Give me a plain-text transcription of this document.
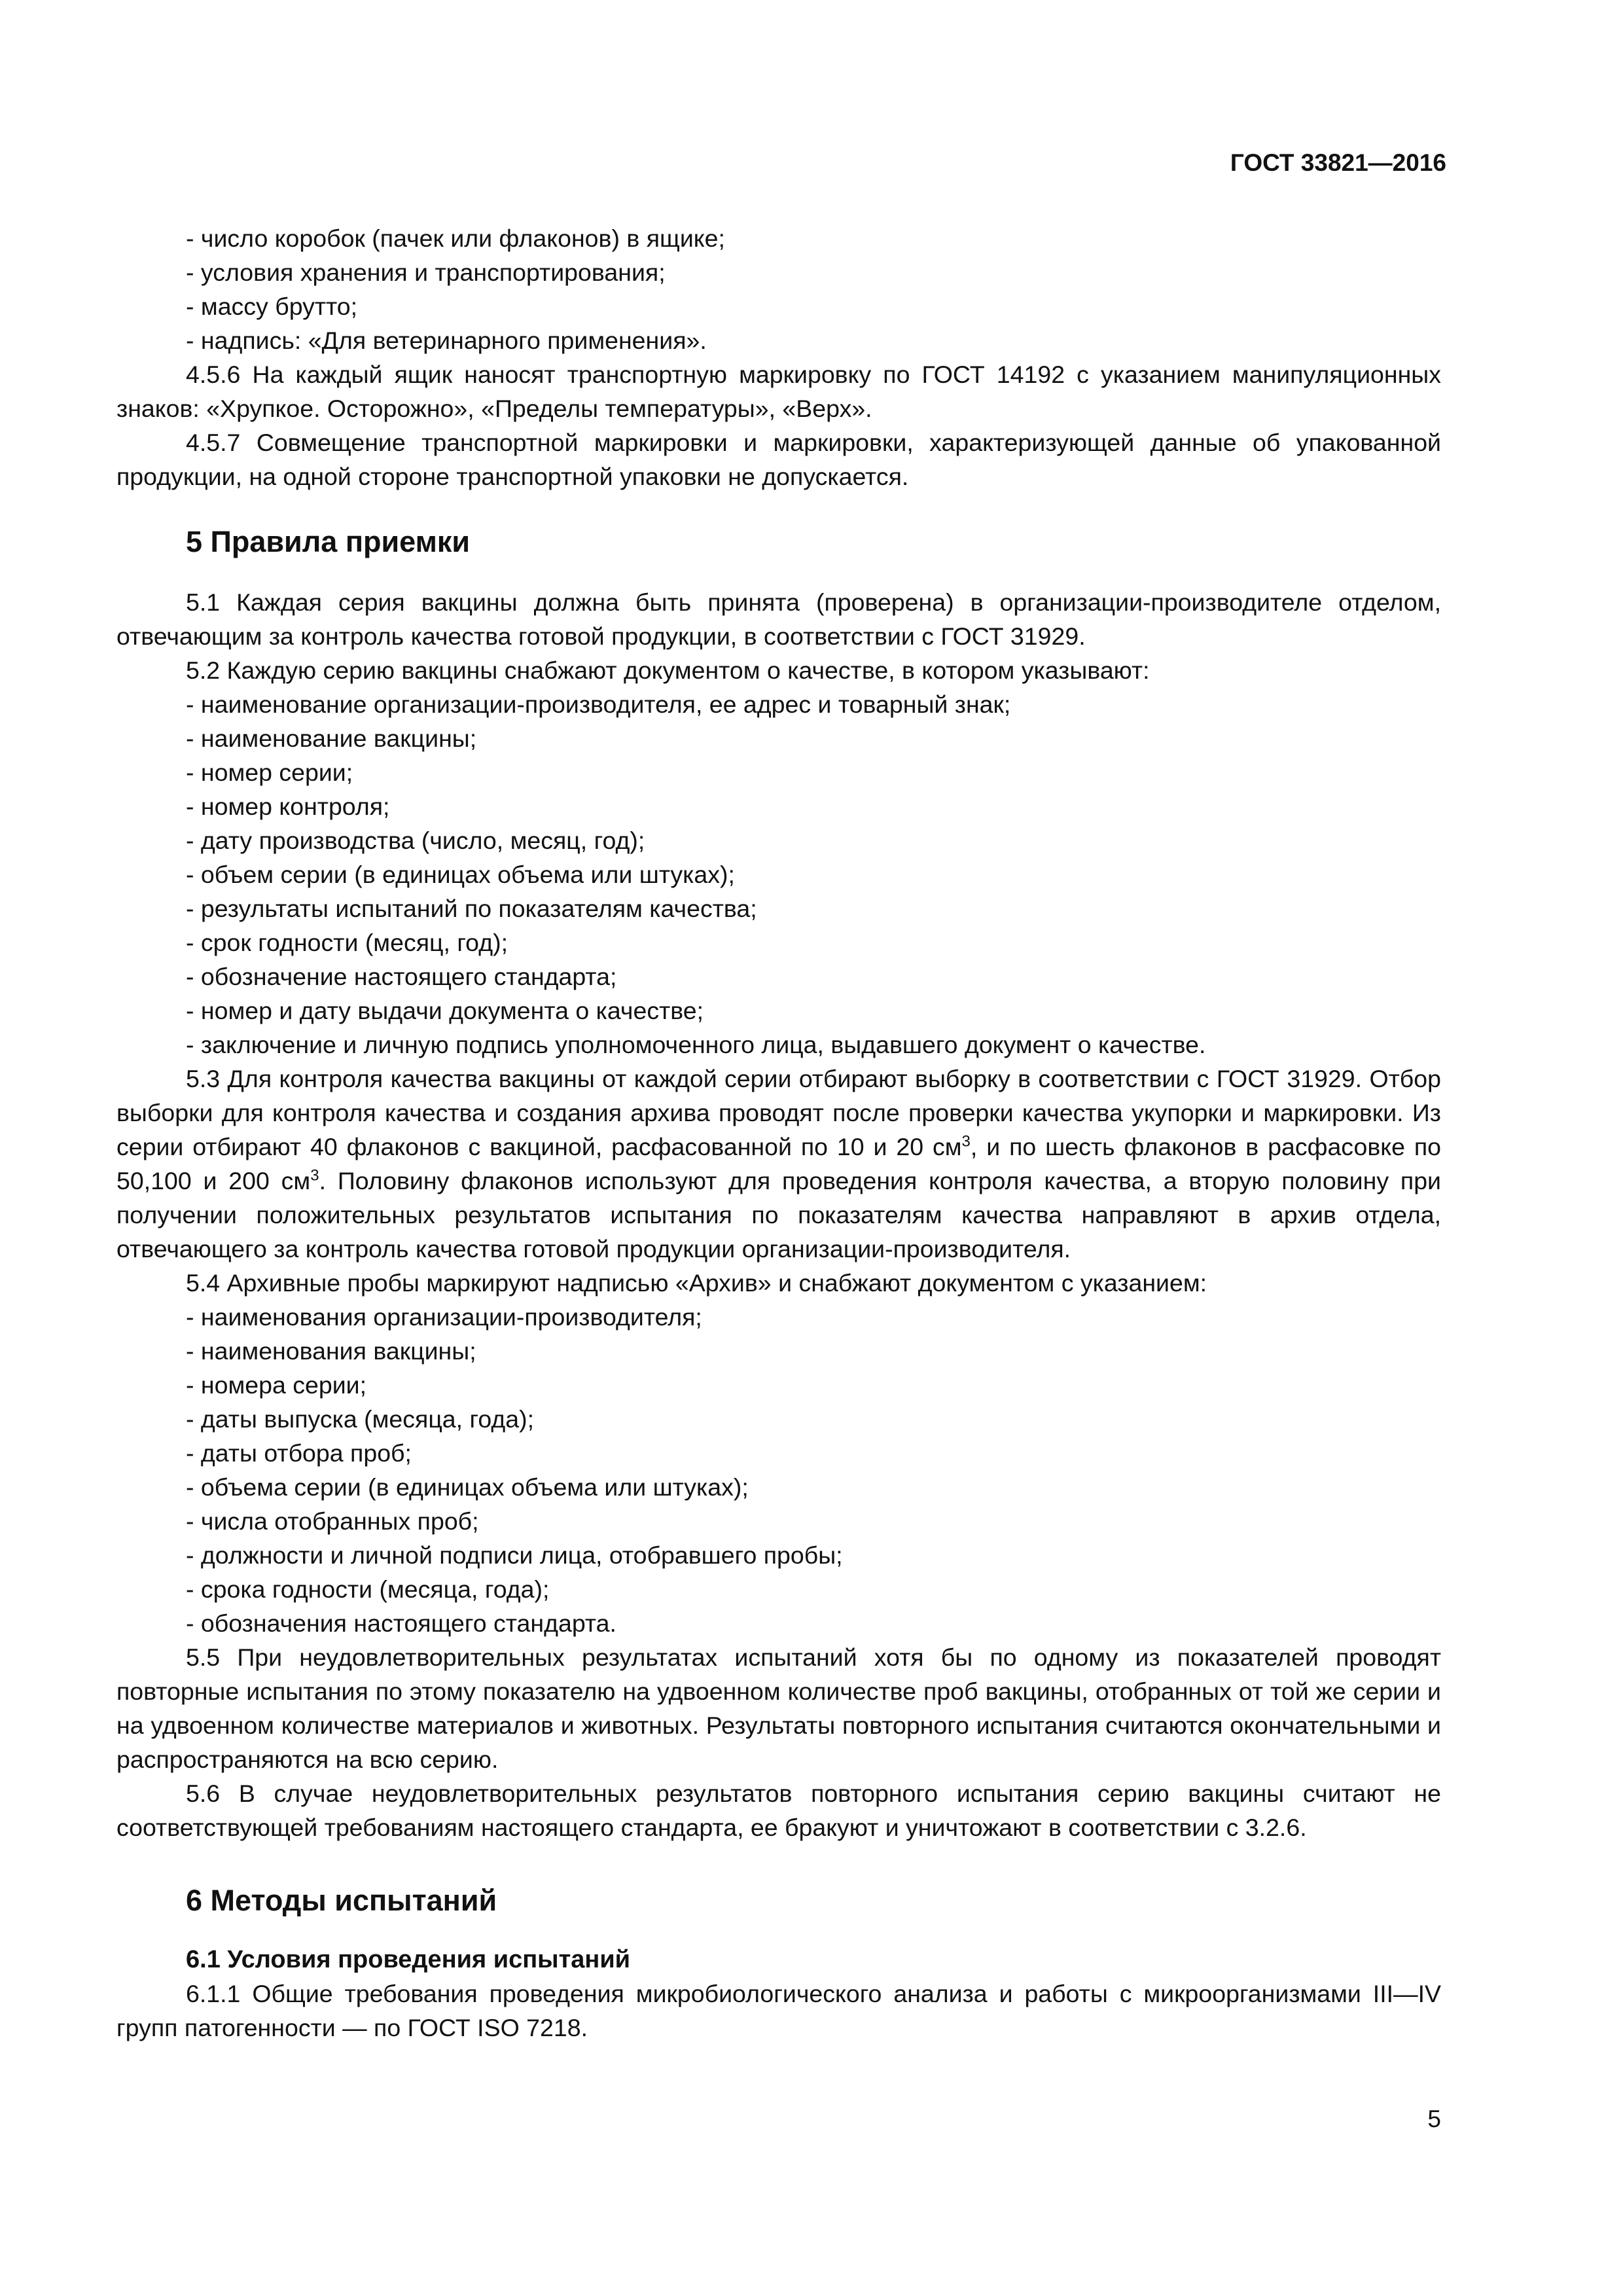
ГОСТ 33821—2016

- число коробок (пачек или флаконов) в ящике;

- условия хранения и транспортирования;

- массу брутто;

- надпись: «Для ветеринарного применения».

4.5.6 На каждый ящик наносят транспортную маркировку по ГОСТ 14192 с указанием манипуляционных знаков: «Хрупкое. Осторожно», «Пределы температуры», «Верх».

4.5.7 Совмещение транспортной маркировки и маркировки, характеризующей данные об упакованной продукции, на одной стороне транспортной упаковки не допускается.

5 Правила приемки

5.1 Каждая серия вакцины должна быть принята (проверена) в организации-производителе отделом, отвечающим за контроль качества готовой продукции, в соответствии с ГОСТ 31929.

5.2 Каждую серию вакцины снабжают документом о качестве, в котором указывают:

- наименование организации-производителя, ее адрес и товарный знак;

- наименование вакцины;

- номер серии;

- номер контроля;

- дату производства (число, месяц, год);

- объем серии (в единицах объема или штуках);

- результаты испытаний по показателям качества;

- срок годности (месяц, год);

- обозначение настоящего стандарта;

- номер и дату выдачи документа о качестве;

- заключение и личную подпись уполномоченного лица, выдавшего документ о качестве.

5.3 Для контроля качества вакцины от каждой серии отбирают выборку в соответствии с ГОСТ 31929. Отбор выборки для контроля качества и создания архива проводят после проверки качества укупорки и маркировки. Из серии отбирают 40 флаконов с вакциной, расфасованной по 10 и 20 $см^3$, и по шесть флаконов в расфасовке по 50,100 и 200 $см^3$. Половину флаконов используют для проведения контроля качества, а вторую половину при получении положительных результатов испытания по показателям качества направляют в архив отдела, отвечающего за контроль качества готовой продукции организации-производителя.

5.4 Архивные пробы маркируют надписью «Архив» и снабжают документом с указанием:

- наименования организации-производителя;

- наименования вакцины;

- номера серии;

- даты выпуска (месяца, года);

- даты отбора проб;

- объема серии (в единицах объема или штуках);

- числа отобранных проб;

- должности и личной подписи лица, отобравшего пробы;

- срока годности (месяца, года);

- обозначения настоящего стандарта.

5.5 При неудовлетворительных результатах испытаний хотя бы по одному из показателей проводят повторные испытания по этому показателю на удвоенном количестве проб вакцины, отобранных от той же серии и на удвоенном количестве материалов и животных. Результаты повторного испытания считаются окончательными и распространяются на всю серию.

5.6 В случае неудовлетворительных результатов повторного испытания серию вакцины считают не соответствующей требованиям настоящего стандарта, ее бракуют и уничтожают в соответствии с 3.2.6.

6 Методы испытаний

6.1 Условия проведения испытаний

6.1.1 Общие требования проведения микробиологического анализа и работы с микроорганизмами III—IV групп патогенности — по ГОСТ ISO 7218.

5
